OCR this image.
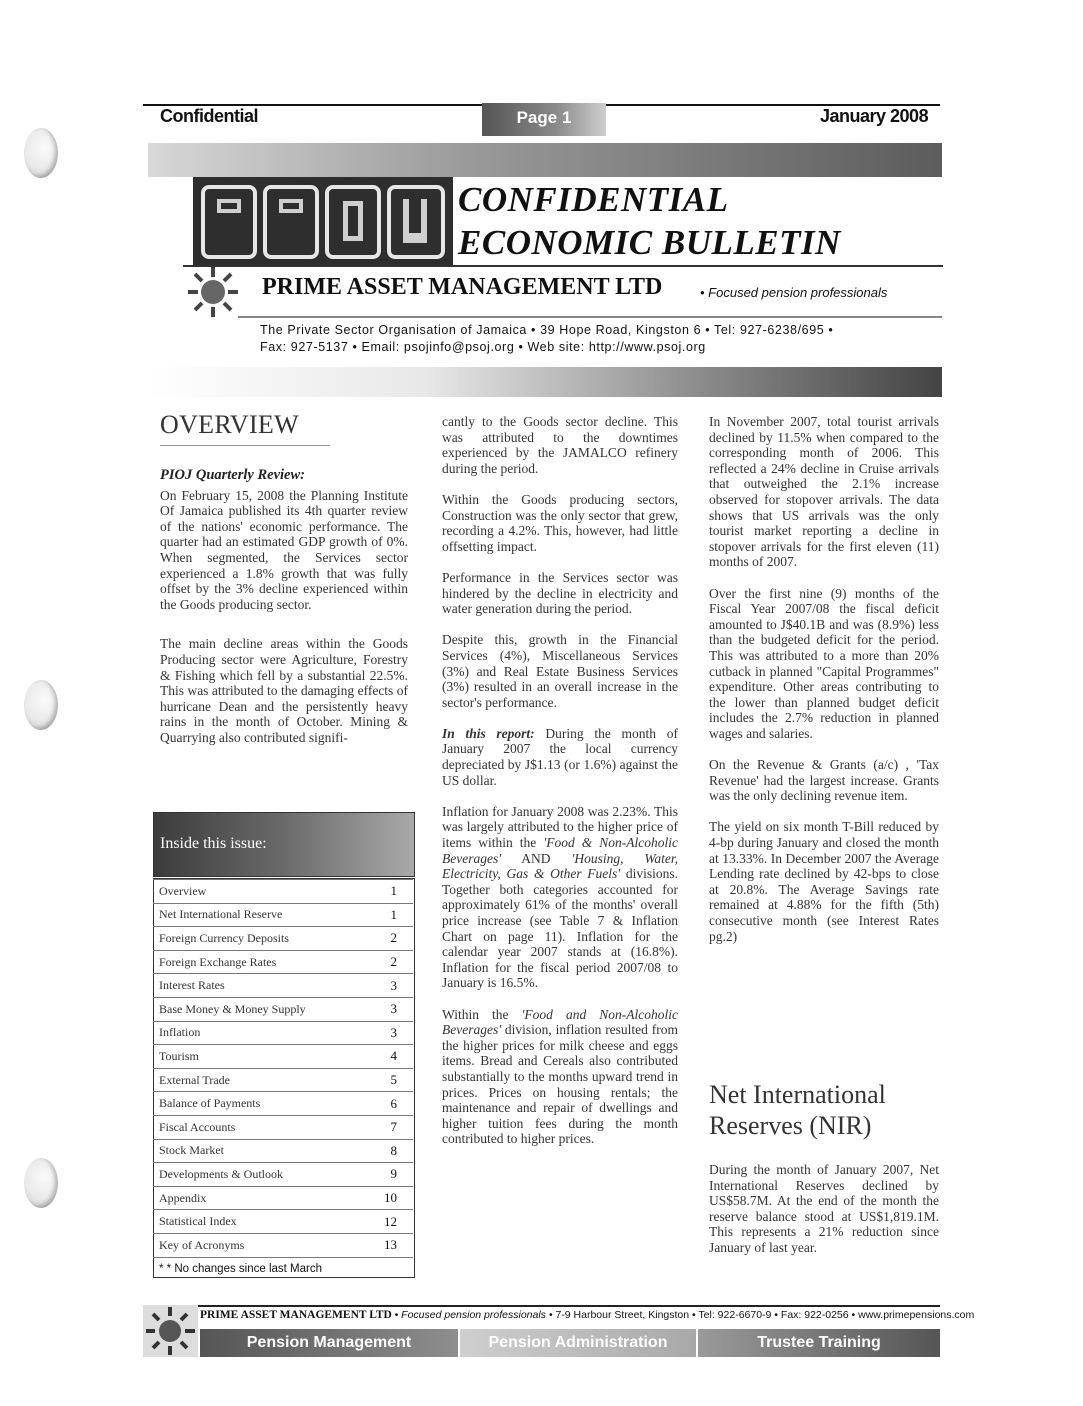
Confidential	Page 1	January 2008
CONFIDENTIAL
ECONOMIC BULLETIN
PRIME ASSET MANAGEMENT LTD	• Focused pension professionals
The Private Sector Organisation of Jamaica • 39 Hope Road, Kingston 6 • Tel: 927-6238/695 •
Fax: 927-5137 • Email: psojinfo@psoj.org • Web site: http://www.psoj.org
OVERVIEW

PIOJ Quarterly Review:

On February 15, 2008 the Planning Institute Of Jamaica published its 4th quarter review of the nations' economic performance. The quarter had an estimated GDP growth of 0%. When segmented, the Services sector experienced a 1.8% growth that was fully offset by the 3% decline experienced within the Goods producing sector.

The main decline areas within the Goods Producing sector were Agriculture, Forestry & Fishing which fell by a substantial 22.5%. This was attributed to the damaging effects of hurricane Dean and the persistently heavy rains in the month of October. Mining & Quarrying also contributed signifi-

Inside this issue:
Overview	1
Net International Reserve	1
Foreign Currency Deposits	2
Foreign Exchange Rates	2
Interest Rates	3
Base Money & Money Supply	3
Inflation	3
Tourism	4
External Trade	5
Balance of Payments	6
Fiscal Accounts	7
Stock Market	8
Developments & Outlook	9
Appendix	10
Statistical Index	12
Key of Acronyms	13
* * No changes since last March	

cantly to the Goods sector decline. This was attributed to the downtimes experienced by the JAMALCO refinery during the period.

Within the Goods producing sectors, Construction was the only sector that grew, recording a 4.2%. This, however, had little offsetting impact.

Performance in the Services sector was hindered by the decline in electricity and water generation during the period.

Despite this, growth in the Financial Services (4%), Miscellaneous Services (3%) and Real Estate Business Services (3%) resulted in an overall increase in the sector's performance.

In this report: During the month of January 2007 the local currency depreciated by J$1.13 (or 1.6%) against the US dollar.

Inflation for January 2008 was 2.23%. This was largely attributed to the higher price of items within the 'Food & Non-Alcoholic Beverages' AND 'Housing, Water, Electricity, Gas & Other Fuels' divisions. Together both categories accounted for approximately 61% of the months' overall price increase (see Table 7 & Inflation Chart on page 11). Inflation for the calendar year 2007 stands at (16.8%). Inflation for the fiscal period 2007/08 to January is 16.5%.

Within the 'Food and Non-Alcoholic Beverages' division, inflation resulted from the higher prices for milk cheese and eggs items. Bread and Cereals also contributed substantially to the months upward trend in prices. Prices on housing rentals; the maintenance and repair of dwellings and higher tuition fees during the month contributed to higher prices.

In November 2007, total tourist arrivals declined by 11.5% when compared to the corresponding month of 2006. This reflected a 24% decline in Cruise arrivals that outweighed the 2.1% increase observed for stopover arrivals. The data shows that US arrivals was the only tourist market reporting a decline in stopover arrivals for the first eleven (11) months of 2007.

Over the first nine (9) months of the Fiscal Year 2007/08 the fiscal deficit amounted to J$40.1B and was (8.9%) less than the budgeted deficit for the period. This was attributed to a more than 20% cutback in planned "Capital Programmes" expenditure. Other areas contributing to the lower than planned budget deficit includes the 2.7% reduction in planned wages and salaries.

On the Revenue & Grants (a/c) , 'Tax Revenue' had the largest increase. Grants was the only declining revenue item.

The yield on six month T-Bill reduced by 4-bp during January and closed the month at 13.33%. In December 2007 the Average Lending rate declined by 42-bps to close at 20.8%. The Average Savings rate remained at 4.88% for the fifth (5th) consecutive month (see Interest Rates pg.2)

Net International Reserves (NIR)

During the month of January 2007, Net International Reserves declined by US$58.7M. At the end of the month the reserve balance stood at US$1,819.1M. This represents a 21% reduction since January of last year.

PRIME ASSET MANAGEMENT LTD • Focused pension professionals • 7-9 Harbour Street, Kingston • Tel: 922-6670-9 • Fax: 922-0256 • www.primepensions.com
Pension Management	Pension Administration	Trustee Training
